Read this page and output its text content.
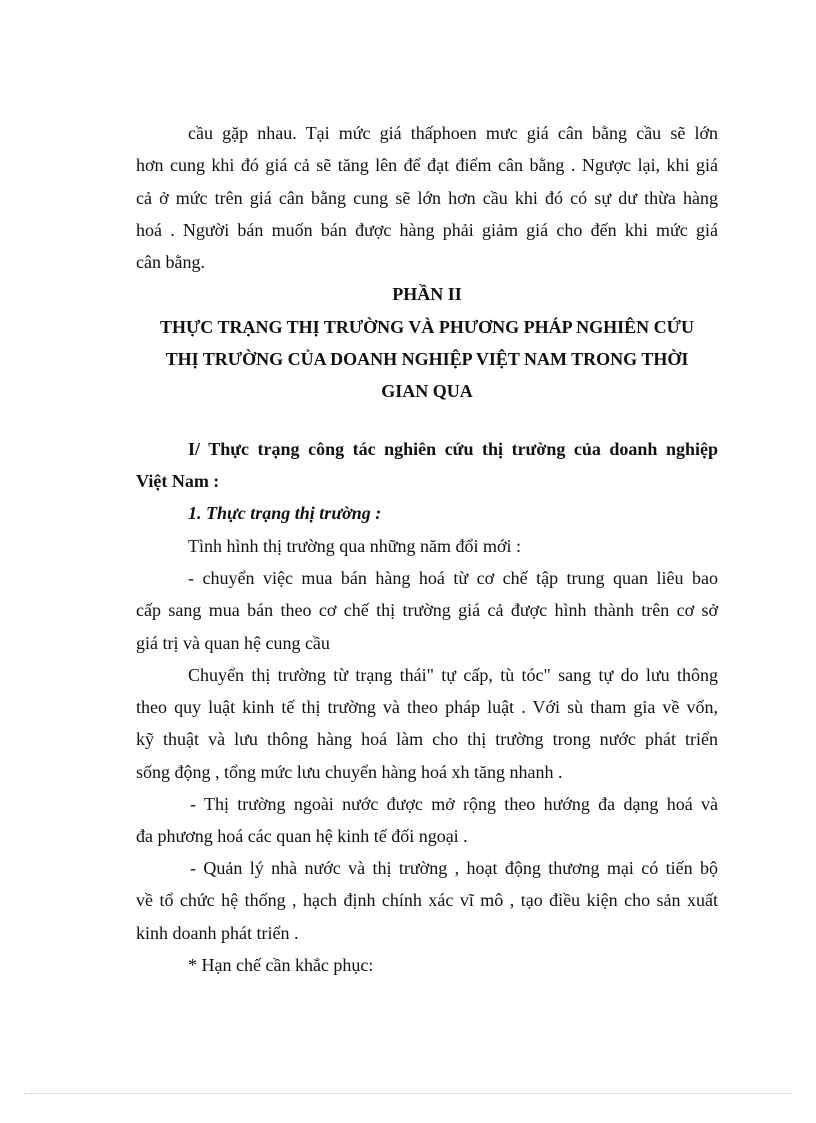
cầu gặp nhau. Tại mức giá thấphoen mưc giá cân bằng cầu sẽ lớn
hơn cung khi đó giá cả sẽ tăng lên để đạt điểm cân bằng . Ngược lại, khi giá
cả ở mức trên giá cân bằng cung sẽ lớn hơn cầu khi đó có sự dư thừa hàng
hoá . Người bán muốn bán được hàng phải giảm giá cho đến khi mức giá
cân bằng.
PHẦN II
THỰC TRẠNG THỊ TRƯỜNG VÀ PHƯƠNG PHÁP NGHIÊN CỨU
THỊ TRƯỜNG CỦA DOANH NGHIỆP VIỆT NAM TRONG THỜI
GIAN QUA
I/ Thực trạng công tác nghiên cứu thị trường của doanh nghiệp
Việt Nam :
1. Thực trạng thị trường :
Tình hình thị trường qua những năm đổi mới :
- chuyển việc mua bán hàng hoá từ cơ chế tập trung quan liêu bao
cấp sang mua bán theo cơ chế thị trường giá cả được hình thành trên cơ sở
giá trị và quan hệ cung cầu
Chuyển thị trường từ trạng thái" tự cấp, tù tóc" sang tự do lưu thông
theo quy luật kinh tế thị trường và theo pháp luật . Với sù tham gia về vốn,
kỹ thuật và lưu thông hàng hoá làm cho thị trường trong nước phát triển
sống động , tổng mức lưu chuyển hàng hoá xh tăng nhanh .
- Thị trường ngoài nước được mở rộng theo hướng đa dạng hoá và
đa phương hoá các quan hệ kinh tế đối ngoại .
- Quản lý nhà nước và thị trường , hoạt động thương mại có tiến bộ
về tổ chức hệ thống , hạch định chính xác vĩ mô , tạo điều kiện cho sản xuất
kinh doanh phát triển .
* Hạn chế cần khắc phục:
